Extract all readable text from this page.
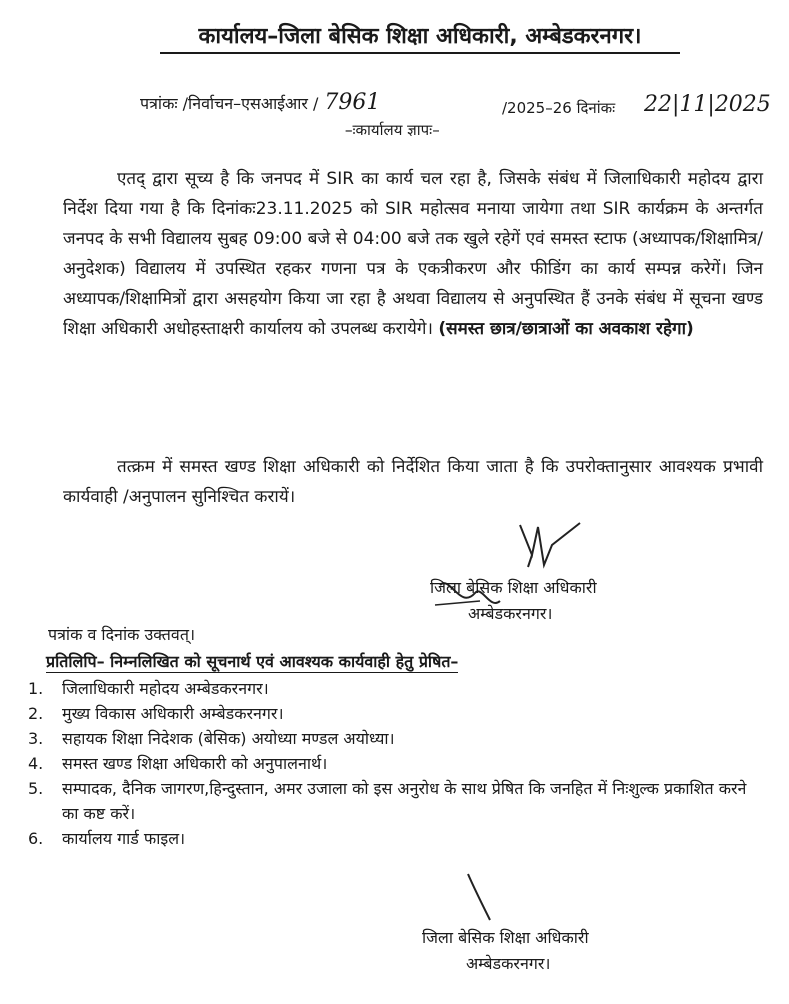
कार्यालय–जिला बेसिक शिक्षा अधिकारी, अम्बेडकरनगर।
पत्रांकः /निर्वाचन–एसआईआर / 7961	/2025–26 दिनांकः 22|11|2025
–ःकार्यालय ज्ञापः–
एतद् द्वारा सूच्य है कि जनपद में SIR का कार्य चल रहा है, जिसके संबंध में जिलाधिकारी महोदय द्वारा निर्देश दिया गया है कि दिनांकः23.11.2025 को SIR महोत्सव मनाया जायेगा तथा SIR कार्यक्रम के अन्तर्गत जनपद के सभी विद्यालय सुबह 09:00 बजे से 04:00 बजे तक खुले रहेगें एवं समस्त स्टाफ (अध्यापक/शिक्षामित्र/अनुदेशक) विद्यालय में उपस्थित रहकर गणना पत्र के एकत्रीकरण और फीडिंग का कार्य सम्पन्न करेगें। जिन अध्यापक/शिक्षामित्रों द्वारा असहयोग किया जा रहा है अथवा विद्यालय से अनुपस्थित हैं उनके संबंध में सूचना खण्ड शिक्षा अधिकारी अधोहस्ताक्षरी कार्यालय को उपलब्ध करायेगे। (समस्त छात्र/छात्राओं का अवकाश रहेगा)
तत्क्रम में समस्त खण्ड शिक्षा अधिकारी को निर्देशित किया जाता है कि उपरोक्तानुसार आवश्यक प्रभावी कार्यवाही /अनुपालन सुनिश्चित करायें।
जिला बेसिक शिक्षा अधिकारी
अम्बेडकरनगर।
पत्रांक व दिनांक उक्तवत्।
प्रतिलिपि– निम्नलिखित को सूचनार्थ एवं आवश्यक कार्यवाही हेतु प्रेषित–
1.	जिलाधिकारी महोदय अम्बेडकरनगर।
2.	मुख्य विकास अधिकारी अम्बेडकरनगर।
3.	सहायक शिक्षा निदेशक (बेसिक) अयोध्या मण्डल अयोध्या।
4.	समस्त खण्ड शिक्षा अधिकारी को अनुपालनार्थ।
5.	सम्पादक, दैनिक जागरण,हिन्दुस्तान, अमर उजाला को इस अनुरोध के साथ प्रेषित कि जनहित में निःशुल्क प्रकाशित करने का कष्ट करें।
6.	कार्यालय गार्ड फाइल।
जिला बेसिक शिक्षा अधिकारी
अम्बेडकरनगर।
